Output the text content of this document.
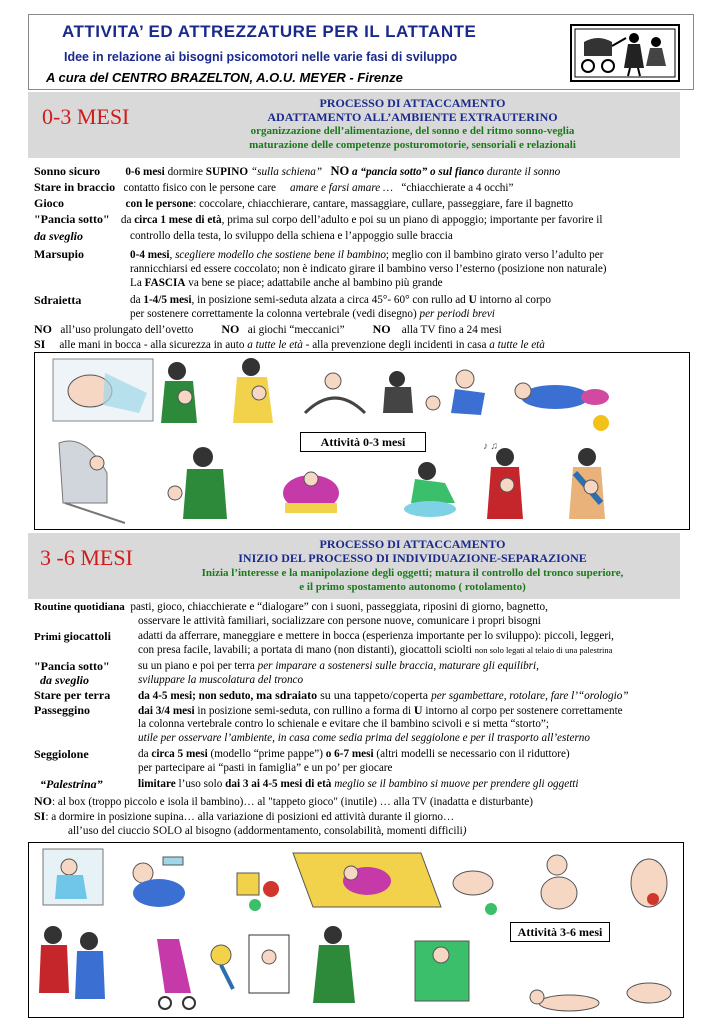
ATTIVITA’ ED ATTREZZATURE PER IL LATTANTE
Idee in relazione ai bisogni psicomotori nelle varie fasi di sviluppo
A cura del CENTRO BRAZELTON, A.O.U. MEYER - Firenze
0-3 MESI
PROCESSO DI ATTACCAMENTO
ADATTAMENTO ALL’AMBIENTE EXTRAUTERINO
organizzazione dell’alimentazione, del sonno e del ritmo sonno-veglia
maturazione delle competenze posturomotorie, sensoriali e relazionali
Sonno sicuro 0-6 mesi dormire SUPINO “sulla schiena” NO a “pancia sotto” o sul fianco durante il sonno
Stare in braccio contatto fisico con le persone care amare e farsi amare … “chiacchierate a 4 occhi”
Gioco	con le persone: coccolare, chiacchierare, cantare, massaggiare, cullare, passeggiare, fare il bagnetto
"Pancia sotto" da circa 1 mese di età, prima sul corpo dell’adulto e poi su un piano di appoggio; importante per favorire il
da sveglio	controllo della testa, lo sviluppo della schiena e l’appoggio sulle braccia
Marsupio	0-4 mesi, scegliere modello che sostiene bene il bambino; meglio con il bambino girato verso l’adulto per
rannicchiarsi ed essere coccolato; non è indicato girare il bambino verso l’esterno (posizione non naturale)
La FASCIA va bene se piace; adattabile anche al bambino più grande
Sdraietta	da 1-4/5 mesi, in posizione semi-seduta alzata a circa 45°- 60° con rullo ad U intorno al corpo
per sostenere correttamente la colonna vertebrale (vedi disegno) per periodi brevi
NO all’uso prolungato dell’ovetto NO ai giochi “meccanici” NO alla TV fino a 24 mesi
SI alle mani in bocca - alla sicurezza in auto a tutte le età - alla prevenzione degli incidenti in casa a tutte le età
♪ ♫
Attività 0-3 mesi
3 -6 MESI
PROCESSO DI ATTACCAMENTO
INIZIO DEL PROCESSO DI INDIVIDUAZIONE-SEPARAZIONE
Inizia l’interesse e la manipolazione degli oggetti; matura il controllo del tronco superiore,
e il primo spostamento autonomo ( rotolamento)
Routine quotidiana pasti, gioco, chiacchierate e “dialogare” con i suoni, passeggiata, riposini di giorno, bagnetto,
osservare le attività familiari, socializzare con persone nuove, comunicare i propri bisogni
Primi giocattoli adatti da afferrare, maneggiare e mettere in bocca (esperienza importante per lo sviluppo): piccoli, leggeri,
con presa facile, lavabili; a portata di mano (non distanti), giocattoli sciolti non solo legati al telaio di una palestrina
"Pancia sotto"	su un piano e poi per terra per imparare a sostenersi sulle braccia, maturare gli equilibri,
da sveglio	sviluppare la muscolatura del tronco
Stare per terra da 4-5 mesi; non seduto, ma sdraiato su una tappeto/coperta per sgambettare, rotolare, fare l’“orologio”
Passeggino	dai 3/4 mesi in posizione semi-seduta, con rullino a forma di U intorno al corpo per sostenere correttamente
la colonna vertebrale contro lo schienale e evitare che il bambino scivoli e si metta “storto”;
utile per osservare l’ambiente, in casa come sedia prima del seggiolone e per il trasporto all’esterno
Seggiolone	da circa 5 mesi (modello “prime pappe”) o 6-7 mesi (altri modelli se necessario con il riduttore)
per partecipare ai “pasti in famiglia” e un po’ per giocare
“Palestrina”	limitare l’uso solo dai 3 ai 4-5 mesi di età meglio se il bambino si muove per prendere gli oggetti
NO: al box (troppo piccolo e isola il bambino)… al "tappeto gioco" (inutile) … alla TV (inadatta e disturbante)
SI: a dormire in posizione supina… alla variazione di posizioni ed attività durante il giorno…
all’uso del ciuccio SOLO al bisogno (addormentamento, consolabilità, momenti difficili)
Attività 3-6 mesi
